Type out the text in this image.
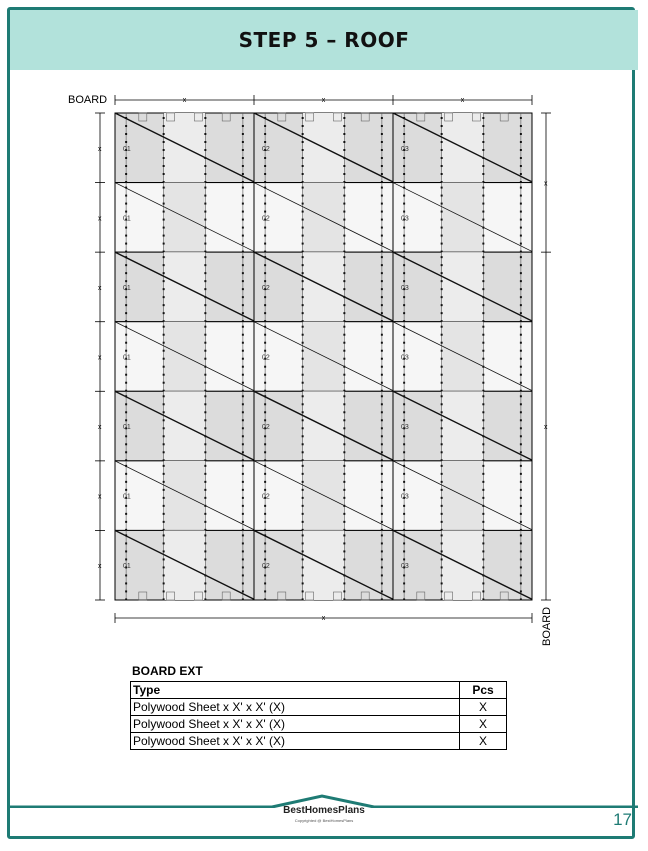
STEP 5 – ROOF
01	02	03
01	02	03
01	02	03
01	02	03
01	02	03
01	02	03
01	02	03
x	x	x
x
x
x
x
x
x
x
x
x
x
BOARD
BOARD
BOARD EXT
Type	Pcs
Polywood Sheet x X' x X' (X)	X
Polywood Sheet x X' x X' (X)	X
Polywood Sheet x X' x X' (X)	X
BestHomesPlans
Copyrighted @ BestHomesPlans	17
